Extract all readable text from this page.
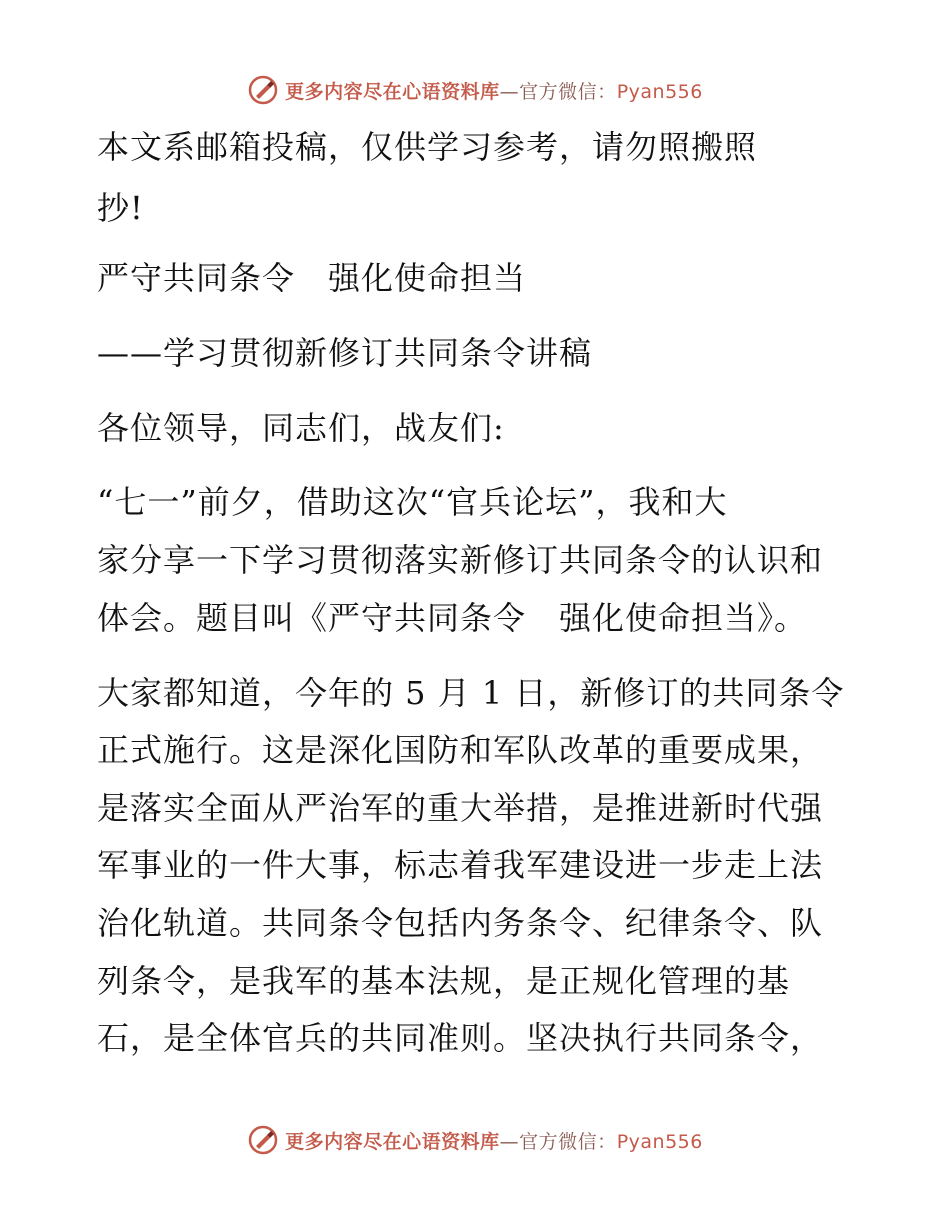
更多内容尽在心语资料库—官方微信：Pyan556
本文系邮箱投稿，仅供学习参考，请勿照搬照
抄!
严守共同条令　强化使命担当
——学习贯彻新修订共同条令讲稿
各位领导，同志们，战友们:
“七一”前夕，借助这次“官兵论坛”，我和大
家分享一下学习贯彻落实新修订共同条令的认识和
体会。题目叫《严守共同条令　强化使命担当》。
大家都知道，今年的 5 月 1 日，新修订的共同条令
正式施行。这是深化国防和军队改革的重要成果，
是落实全面从严治军的重大举措，是推进新时代强
军事业的一件大事，标志着我军建设进一步走上法
治化轨道。共同条令包括内务条令、纪律条令、队
列条令，是我军的基本法规，是正规化管理的基
石，是全体官兵的共同准则。坚决执行共同条令，
更多内容尽在心语资料库—官方微信：Pyan556
